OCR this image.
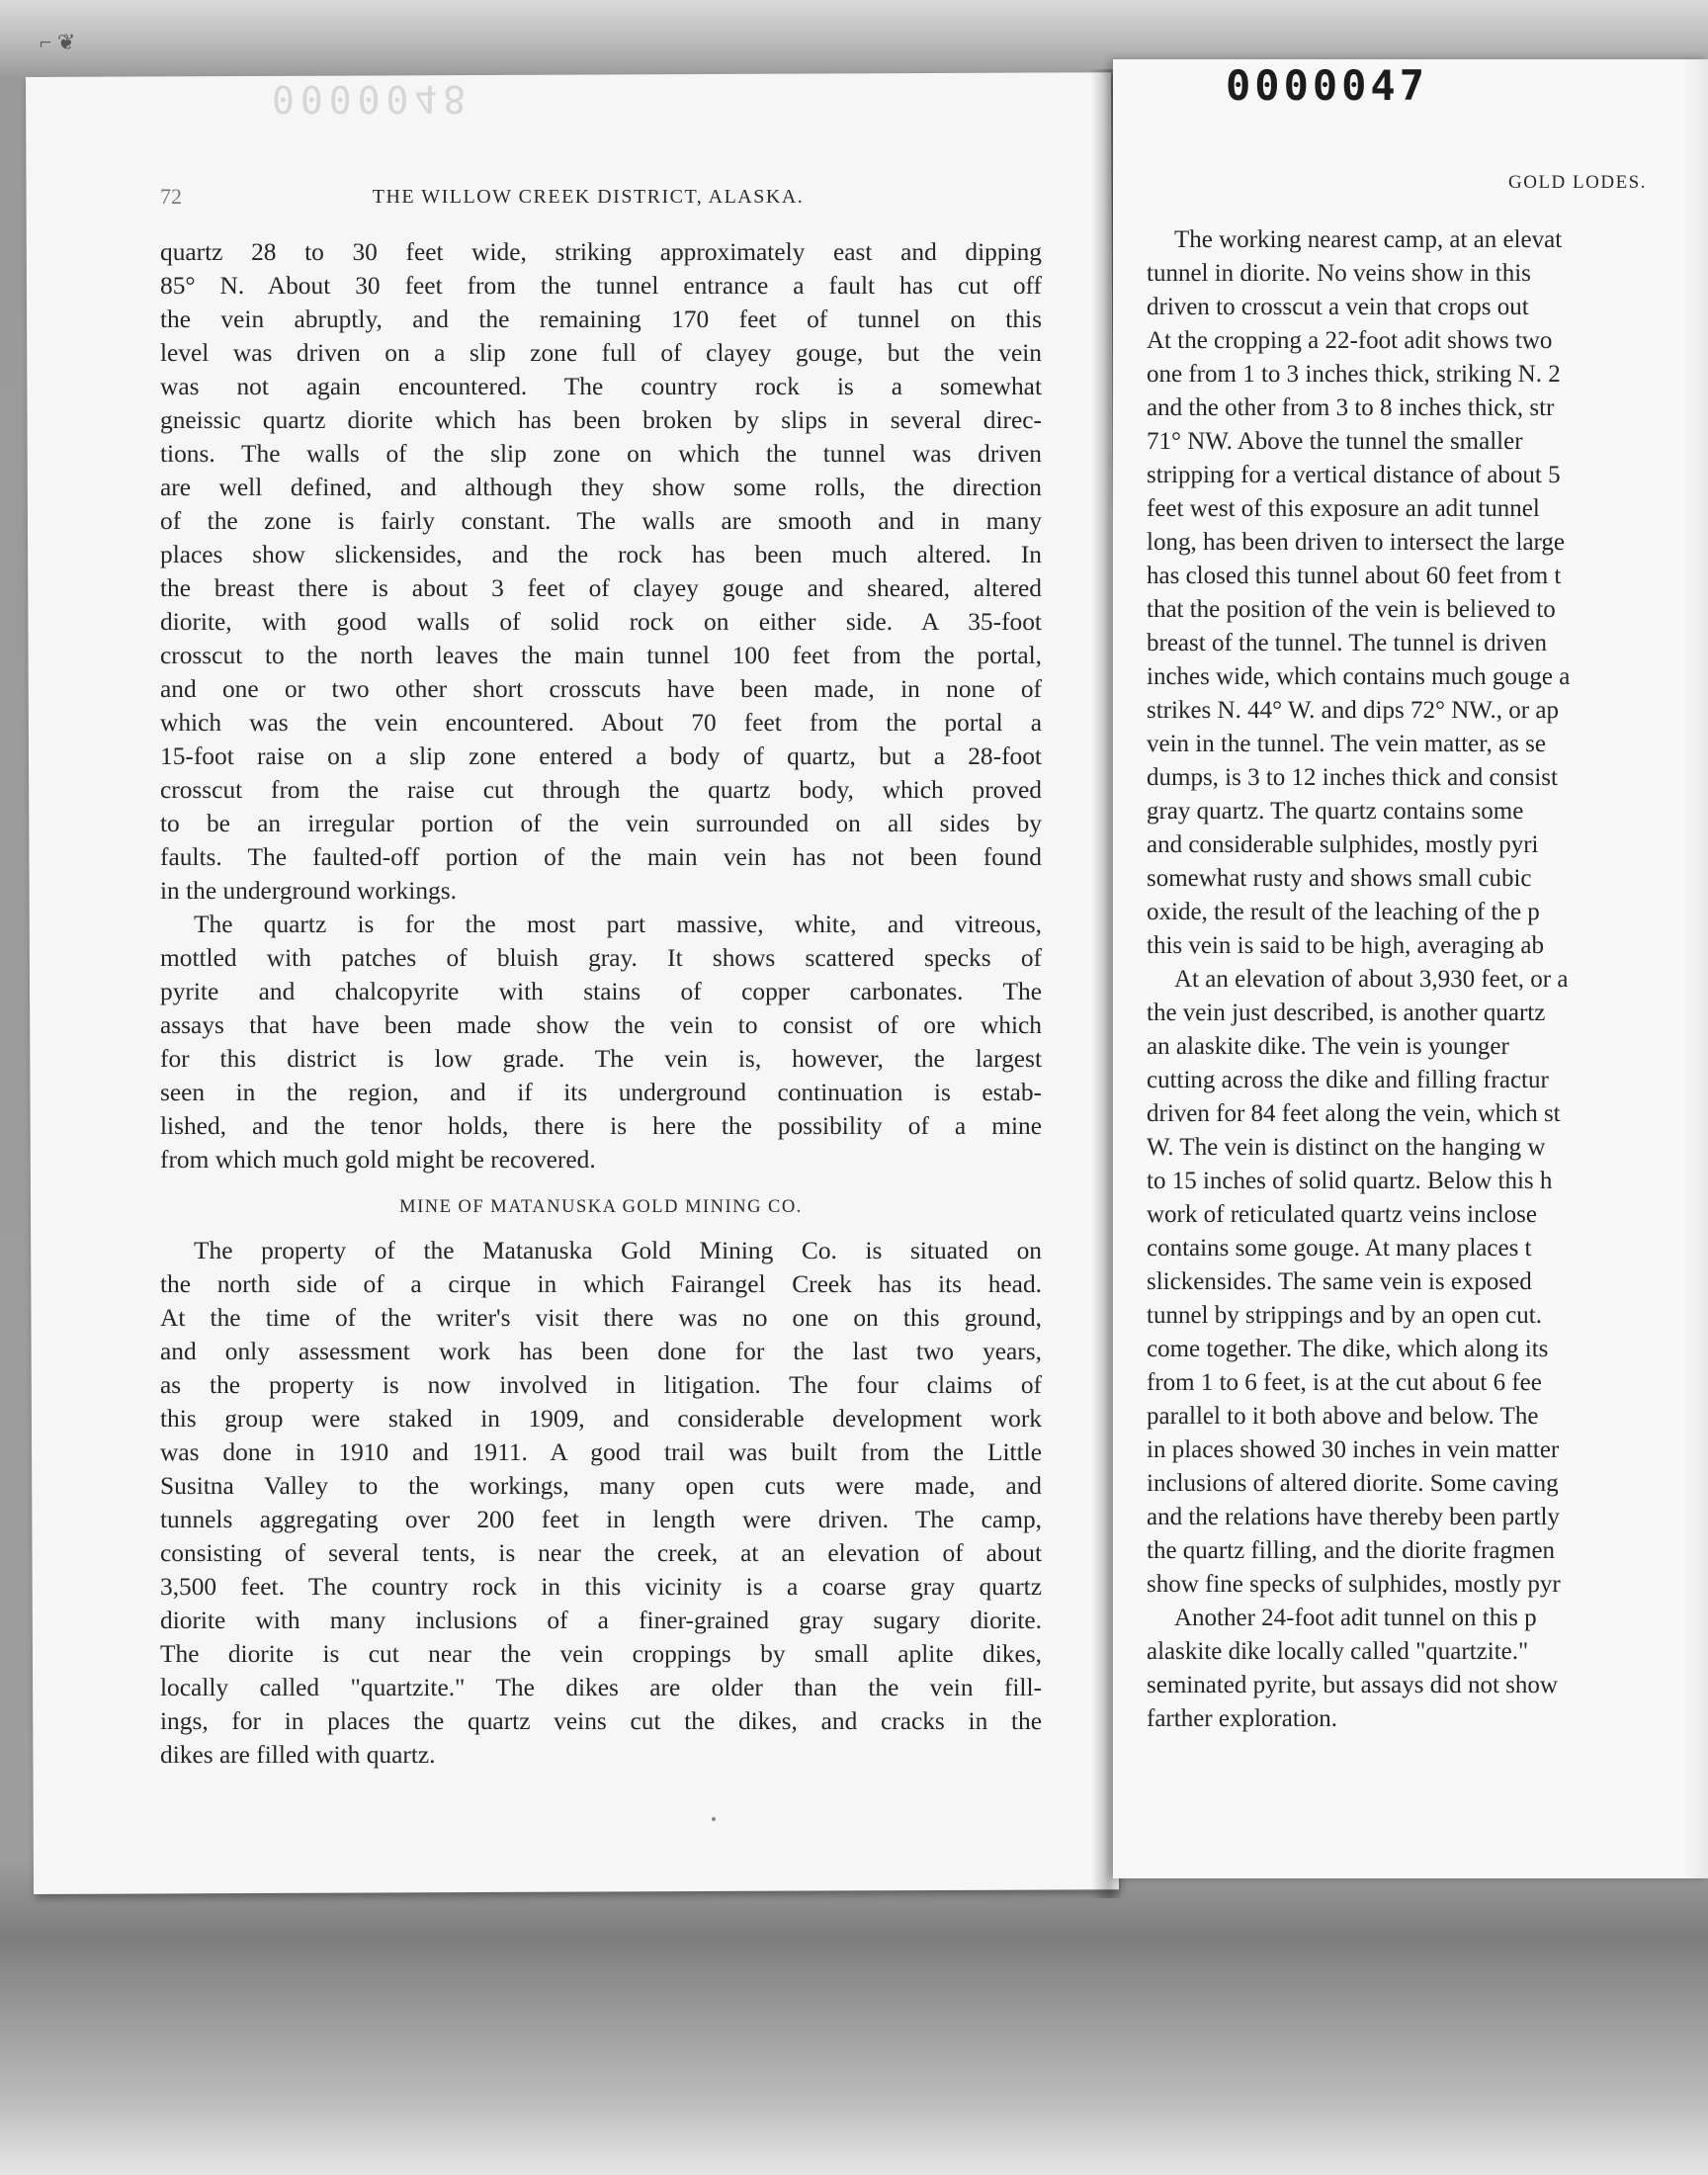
⌐ ❦
0000048	0000047
72	THE WILLOW CREEK DISTRICT, ALASKA.
GOLD LODES.
quartz 28 to 30 feet wide, striking approximately east and dipping
85° N. About 30 feet from the tunnel entrance a fault has cut off
the vein abruptly, and the remaining 170 feet of tunnel on this
level was driven on a slip zone full of clayey gouge, but the vein
was not again encountered. The country rock is a somewhat
gneissic quartz diorite which has been broken by slips in several direc-
tions. The walls of the slip zone on which the tunnel was driven
are well defined, and although they show some rolls, the direction
of the zone is fairly constant. The walls are smooth and in many
places show slickensides, and the rock has been much altered. In
the breast there is about 3 feet of clayey gouge and sheared, altered
diorite, with good walls of solid rock on either side. A 35-foot
crosscut to the north leaves the main tunnel 100 feet from the portal,
and one or two other short crosscuts have been made, in none of
which was the vein encountered. About 70 feet from the portal a
15-foot raise on a slip zone entered a body of quartz, but a 28-foot
crosscut from the raise cut through the quartz body, which proved
to be an irregular portion of the vein surrounded on all sides by
faults. The faulted-off portion of the main vein has not been found
in the underground workings.
The quartz is for the most part massive, white, and vitreous,
mottled with patches of bluish gray. It shows scattered specks of
pyrite and chalcopyrite with stains of copper carbonates. The
assays that have been made show the vein to consist of ore which
for this district is low grade. The vein is, however, the largest
seen in the region, and if its underground continuation is estab-
lished, and the tenor holds, there is here the possibility of a mine
from which much gold might be recovered.
MINE OF MATANUSKA GOLD MINING CO.
The property of the Matanuska Gold Mining Co. is situated on
the north side of a cirque in which Fairangel Creek has its head.
At the time of the writer's visit there was no one on this ground,
and only assessment work has been done for the last two years,
as the property is now involved in litigation. The four claims of
this group were staked in 1909, and considerable development work
was done in 1910 and 1911. A good trail was built from the Little
Susitna Valley to the workings, many open cuts were made, and
tunnels aggregating over 200 feet in length were driven. The camp,
consisting of several tents, is near the creek, at an elevation of about
3,500 feet. The country rock in this vicinity is a coarse gray quartz
diorite with many inclusions of a finer-grained gray sugary diorite.
The diorite is cut near the vein croppings by small aplite dikes,
locally called "quartzite." The dikes are older than the vein fill-
ings, for in places the quartz veins cut the dikes, and cracks in the
dikes are filled with quartz.
The working nearest camp, at an elevat
tunnel in diorite. No veins show in this
driven to crosscut a vein that crops out
At the cropping a 22-foot adit shows two
one from 1 to 3 inches thick, striking N. 2
and the other from 3 to 8 inches thick, str
71° NW. Above the tunnel the smaller
stripping for a vertical distance of about 5
feet west of this exposure an adit tunnel
long, has been driven to intersect the large
has closed this tunnel about 60 feet from t
that the position of the vein is believed to
breast of the tunnel. The tunnel is driven
inches wide, which contains much gouge a
strikes N. 44° W. and dips 72° NW., or ap
vein in the tunnel. The vein matter, as se
dumps, is 3 to 12 inches thick and consist
gray quartz. The quartz contains some
and considerable sulphides, mostly pyri
somewhat rusty and shows small cubic
oxide, the result of the leaching of the p
this vein is said to be high, averaging ab
At an elevation of about 3,930 feet, or a
the vein just described, is another quartz
an alaskite dike. The vein is younger
cutting across the dike and filling fractur
driven for 84 feet along the vein, which st
W. The vein is distinct on the hanging w
to 15 inches of solid quartz. Below this h
work of reticulated quartz veins inclose
contains some gouge. At many places t
slickensides. The same vein is exposed
tunnel by strippings and by an open cut.
come together. The dike, which along its
from 1 to 6 feet, is at the cut about 6 fee
parallel to it both above and below. The
in places showed 30 inches in vein matter
inclusions of altered diorite. Some caving
and the relations have thereby been partly
the quartz filling, and the diorite fragmen
show fine specks of sulphides, mostly pyr
Another 24-foot adit tunnel on this p
alaskite dike locally called "quartzite."
seminated pyrite, but assays did not show
farther exploration.
